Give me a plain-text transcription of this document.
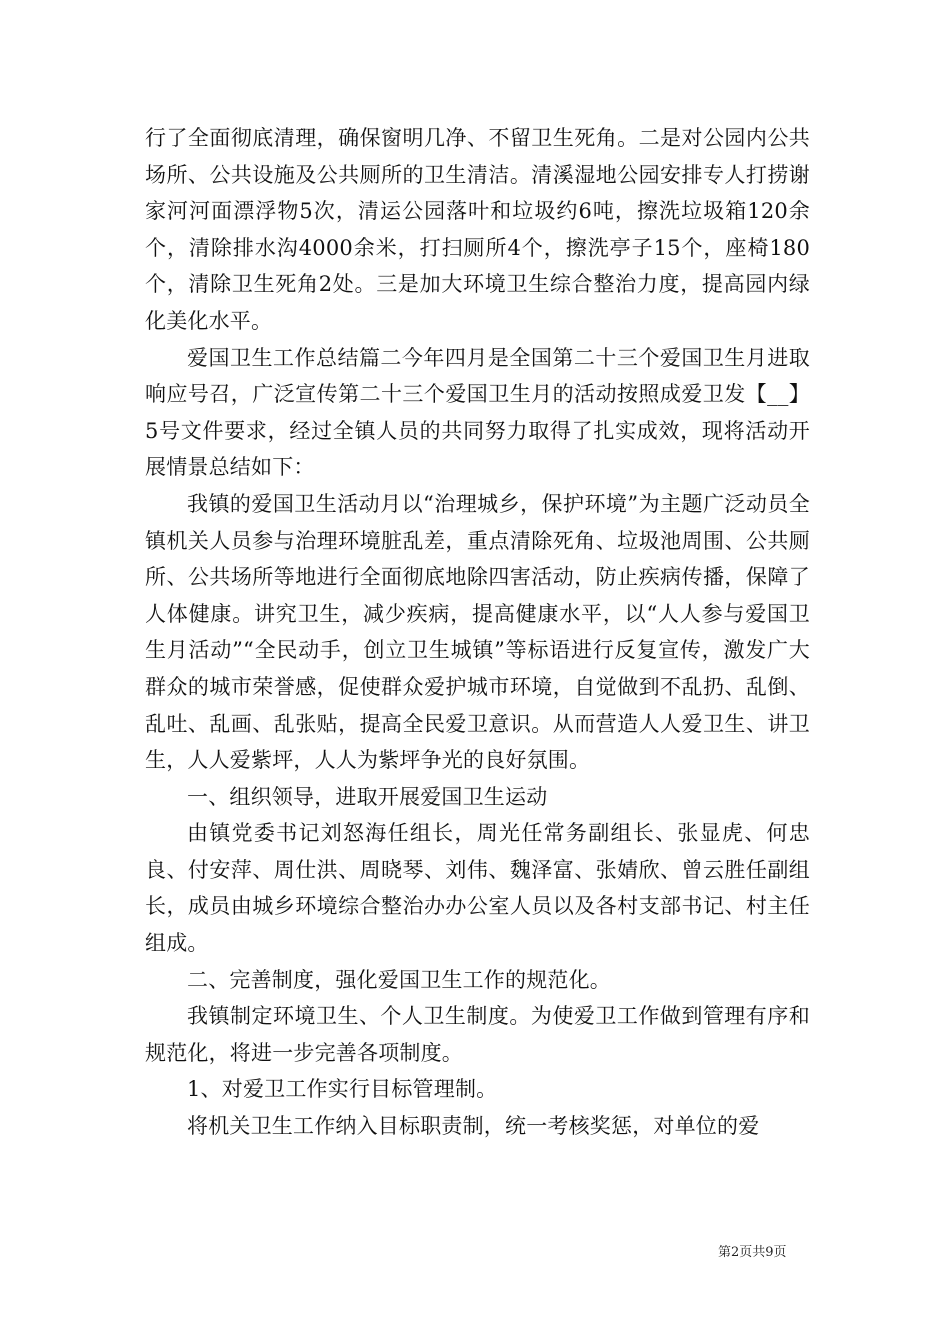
行了全面彻底清理，确保窗明几净、不留卫生死角。二是对公园内公共场所、公共设施及公共厕所的卫生清洁。清溪湿地公园安排专人打捞谢家河河面漂浮物5次，清运公园落叶和垃圾约6吨，擦洗垃圾箱120余个，清除排水沟4000余米，打扫厕所4个，擦洗亭子15个，座椅180个，清除卫生死角2处。三是加大环境卫生综合整治力度，提高园内绿化美化水平。

爱国卫生工作总结篇二今年四月是全国第二十三个爱国卫生月进取响应号召，广泛宣传第二十三个爱国卫生月的活动按照成爱卫发【__】5号文件要求，经过全镇人员的共同努力取得了扎实成效，现将活动开展情景总结如下：

我镇的爱国卫生活动月以“治理城乡，保护环境”为主题广泛动员全镇机关人员参与治理环境脏乱差，重点清除死角、垃圾池周围、公共厕所、公共场所等地进行全面彻底地除四害活动，防止疾病传播，保障了人体健康。讲究卫生，减少疾病，提高健康水平，以“人人参与爱国卫生月活动”“全民动手，创立卫生城镇”等标语进行反复宣传，激发广大群众的城市荣誉感，促使群众爱护城市环境，自觉做到不乱扔、乱倒、乱吐、乱画、乱张贴，提高全民爱卫意识。从而营造人人爱卫生、讲卫生，人人爱紫坪，人人为紫坪争光的良好氛围。

一、组织领导，进取开展爱国卫生运动

由镇党委书记刘怒海任组长，周光任常务副组长、张显虎、何忠良、付安萍、周仕洪、周晓琴、刘伟、魏泽富、张婧欣、曾云胜任副组长，成员由城乡环境综合整治办办公室人员以及各村支部书记、村主任组成。

二、完善制度，强化爱国卫生工作的规范化。

我镇制定环境卫生、个人卫生制度。为使爱卫工作做到管理有序和规范化，将进一步完善各项制度。

1、对爱卫工作实行目标管理制。

将机关卫生工作纳入目标职责制，统一考核奖惩，对单位的爱

第2页共9页
